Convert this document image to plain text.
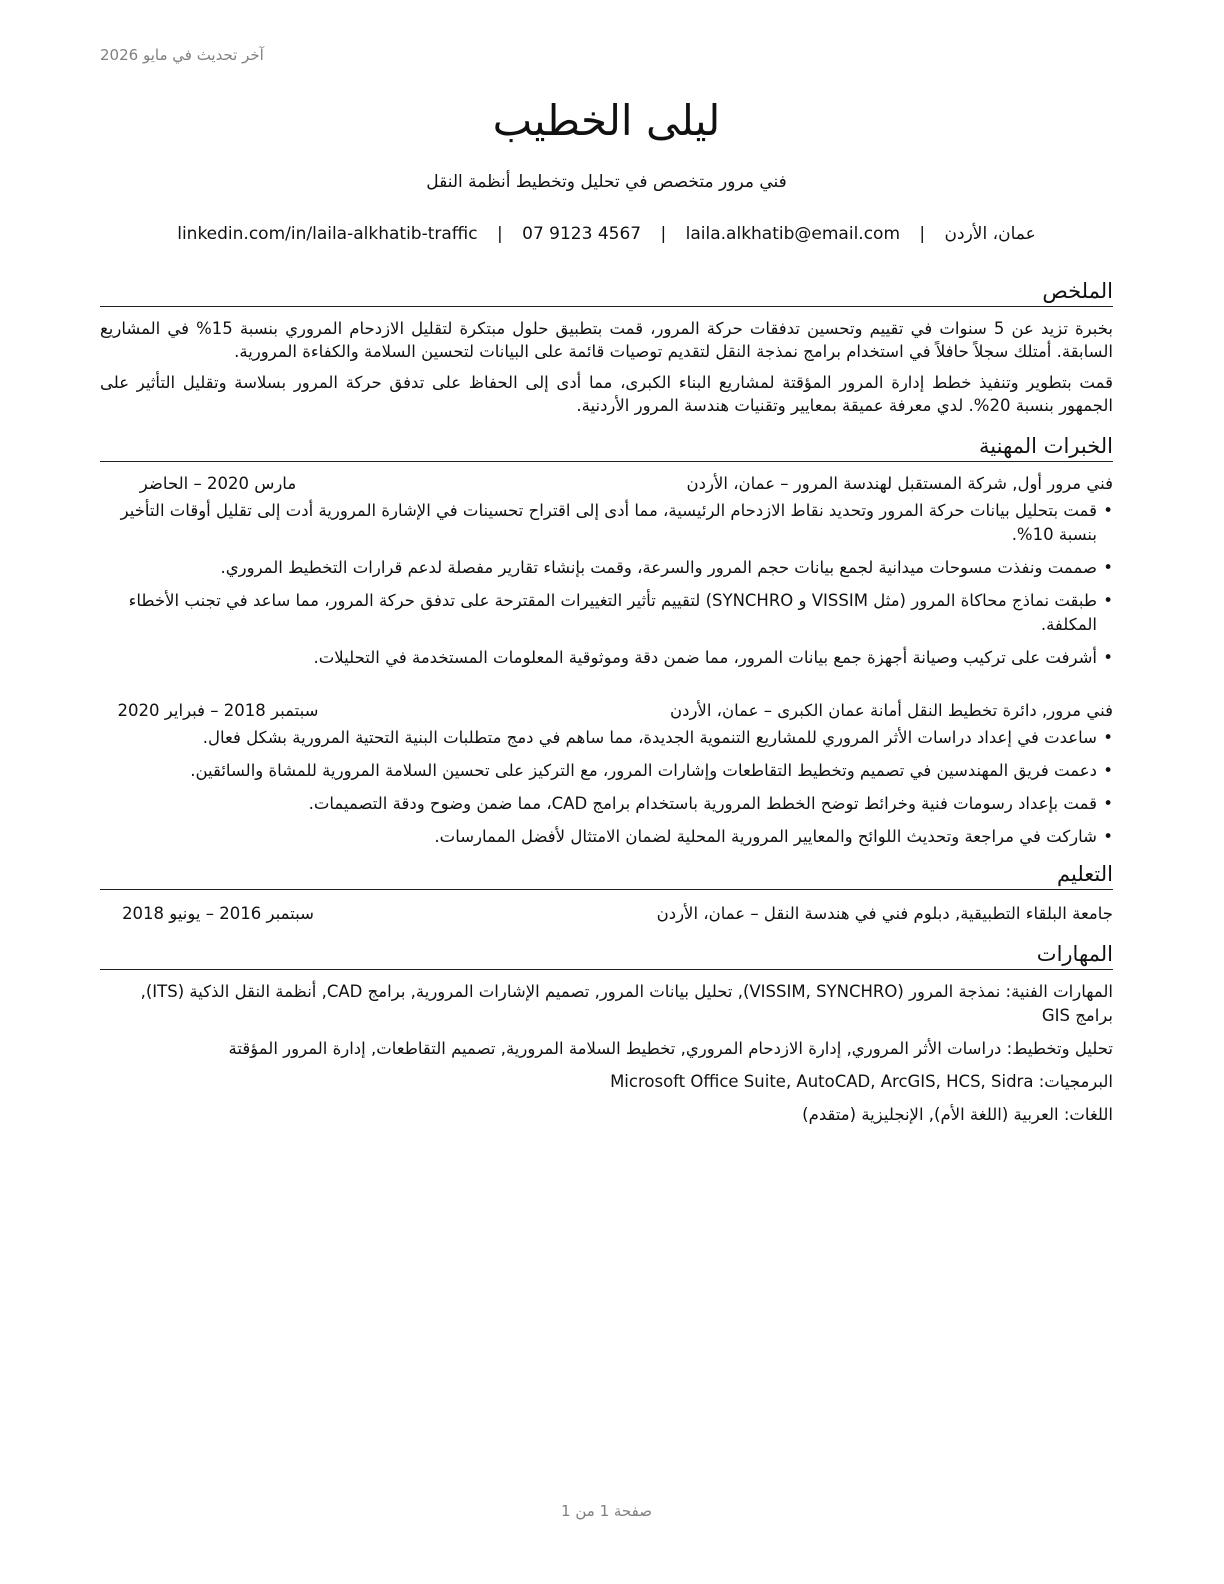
آخر تحديث في مايو 2026
ليلى الخطيب
فني مرور متخصص في تحليل وتخطيط أنظمة النقل
عمان، الأردن | laila.alkhatib@email.com | 07 9123 4567 | linkedin.com/in/laila-alkhatib-traffic
الملخص

بخبرة تزيد عن 5 سنوات في تقييم وتحسين تدفقات حركة المرور، قمت بتطبيق حلول مبتكرة لتقليل الازدحام المروري بنسبة 15% في المشاريع السابقة. أمتلك سجلاً حافلاً في استخدام برامج نمذجة النقل لتقديم توصيات قائمة على البيانات لتحسين السلامة والكفاءة المرورية.

قمت بتطوير وتنفيذ خطط إدارة المرور المؤقتة لمشاريع البناء الكبرى، مما أدى إلى الحفاظ على تدفق حركة المرور بسلاسة وتقليل التأثير على الجمهور بنسبة 20%. لدي معرفة عميقة بمعايير وتقنيات هندسة المرور الأردنية.

الخبرات المهنية
فني مرور أول, شركة المستقبل لهندسة المرور – عمان، الأردن
مارس 2020 – الحاضر
• قمت بتحليل بيانات حركة المرور وتحديد نقاط الازدحام الرئيسية، مما أدى إلى اقتراح تحسينات في الإشارة المرورية أدت إلى تقليل أوقات التأخير بنسبة 10%.
• صممت ونفذت مسوحات ميدانية لجمع بيانات حجم المرور والسرعة، وقمت بإنشاء تقارير مفصلة لدعم قرارات التخطيط المروري.
• طبقت نماذج محاكاة المرور (مثل VISSIM و SYNCHRO) لتقييم تأثير التغييرات المقترحة على تدفق حركة المرور، مما ساعد في تجنب الأخطاء المكلفة.
• أشرفت على تركيب وصيانة أجهزة جمع بيانات المرور، مما ضمن دقة وموثوقية المعلومات المستخدمة في التحليلات.
فني مرور, دائرة تخطيط النقل أمانة عمان الكبرى – عمان، الأردن
سبتمبر 2018 – فبراير 2020
• ساعدت في إعداد دراسات الأثر المروري للمشاريع التنموية الجديدة، مما ساهم في دمج متطلبات البنية التحتية المرورية بشكل فعال.
• دعمت فريق المهندسين في تصميم وتخطيط التقاطعات وإشارات المرور، مع التركيز على تحسين السلامة المرورية للمشاة والسائقين.
• قمت بإعداد رسومات فنية وخرائط توضح الخطط المرورية باستخدام برامج CAD، مما ضمن وضوح ودقة التصميمات.
• شاركت في مراجعة وتحديث اللوائح والمعايير المرورية المحلية لضمان الامتثال لأفضل الممارسات.
التعليم
جامعة البلقاء التطبيقية, دبلوم فني في هندسة النقل – عمان، الأردن
سبتمبر 2016 – يونيو 2018
المهارات
المهارات الفنية: نمذجة المرور (VISSIM, SYNCHRO), تحليل بيانات المرور, تصميم الإشارات المرورية, برامج CAD, أنظمة النقل الذكية (ITS), برامج GIS
تحليل وتخطيط: دراسات الأثر المروري, إدارة الازدحام المروري, تخطيط السلامة المرورية, تصميم التقاطعات, إدارة المرور المؤقتة
البرمجيات: Microsoft Office Suite, AutoCAD, ArcGIS, HCS, Sidra
اللغات: العربية (اللغة الأم), الإنجليزية (متقدم)
صفحة 1 من 1
